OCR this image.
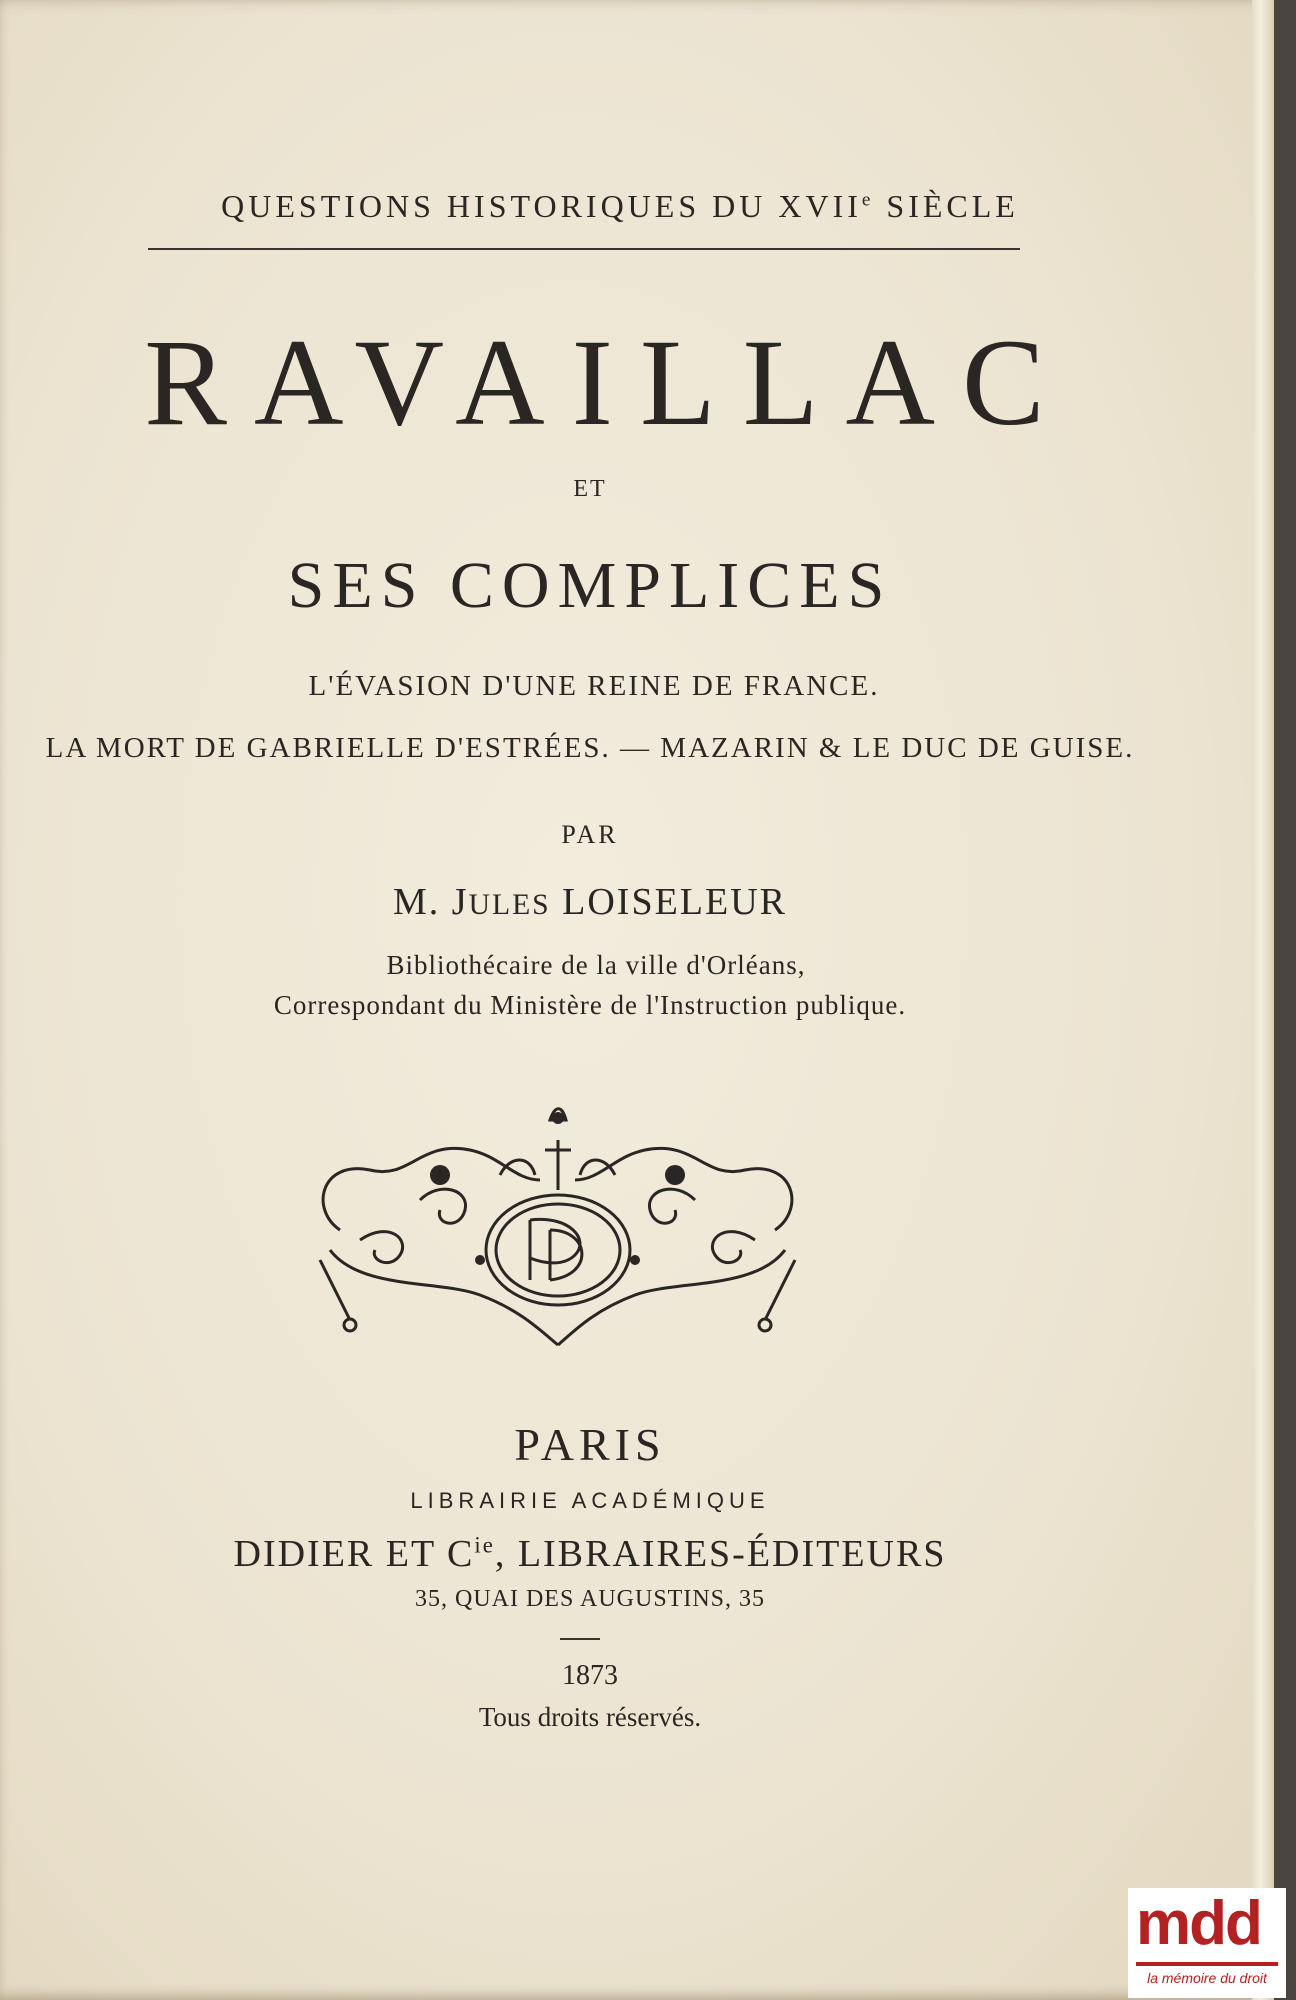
QUESTIONS HISTORIQUES DU XVIIe SIÈCLE
RAVAILLAC
ET
SES COMPLICES
L'ÉVASION D'UNE REINE DE FRANCE.
LA MORT DE GABRIELLE D'ESTRÉES. — MAZARIN & LE DUC DE GUISE.
PAR
M. JULES LOISELEUR
Bibliothécaire de la ville d'Orléans,
Correspondant du Ministère de l'Instruction publique.
PARIS
LIBRAIRIE ACADÉMIQUE
DIDIER ET $C^{ie}$, LIBRAIRES-ÉDITEURS
35, QUAI DES AUGUSTINS, 35
1873
Tous droits réservés.
mdd
la mémoire du droit
